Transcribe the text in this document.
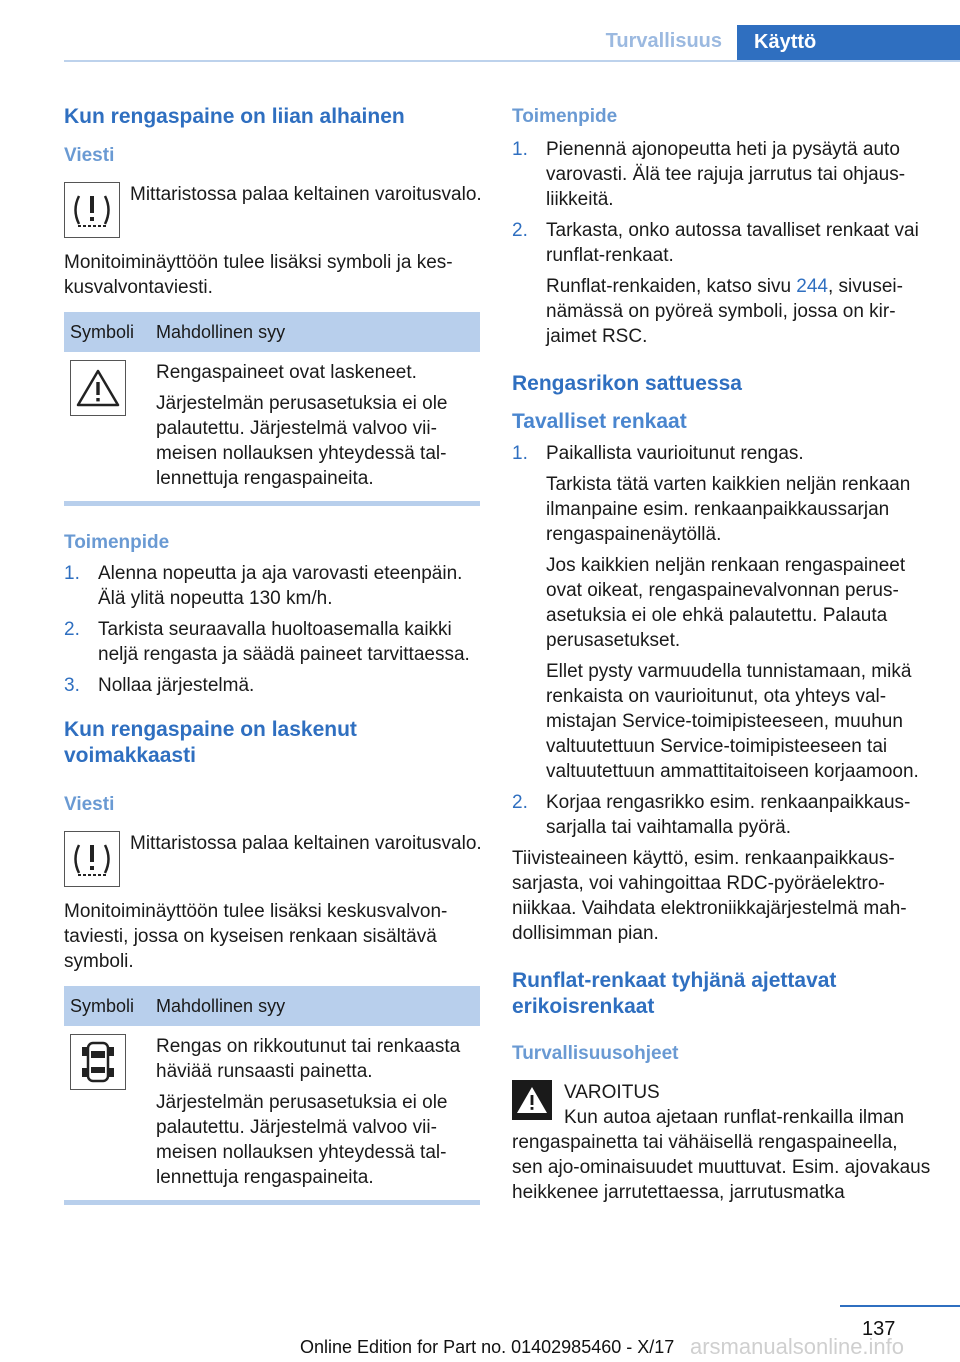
Turvallisuus	Käyttö
Kun rengaspaine on liian alhainen
Viesti
Mittaristossa palaa keltainen varoitusvalo.

Monitoiminäyttöön tulee lisäksi symboli ja keskusvalvontaviesti.

Symboli	Mahdollinen syy

Rengaspaineet ovat laskeneet.

Järjestelmän perusasetuksia ei ole palautettu. Järjestelmä valvoo viimeisen nollauksen yhteydessä tallennettuja rengaspaineita.

Toimenpide
1. Alenna nopeutta ja aja varovasti eteenpäin. Älä ylitä nopeutta 130 km/h.

2. Tarkista seuraavalla huoltoasemalla kaikki neljä rengasta ja säädä paineet tarvittaessa.

3. Nollaa järjestelmä.

Kun rengaspaine on laskenut voimakkaasti
Viesti
Mittaristossa palaa keltainen varoitusvalo.

Monitoiminäyttöön tulee lisäksi keskusvalvontaviesti, jossa on kyseisen renkaan sisältävä symboli.

Symboli	Mahdollinen syy

Rengas on rikkoutunut tai renkaasta häviää runsaasti painetta.

Järjestelmän perusasetuksia ei ole palautettu. Järjestelmä valvoo viimeisen nollauksen yhteydessä tallennettuja rengaspaineita.

Toimenpide
1. Pienennä ajonopeutta heti ja pysäytä auto varovasti. Älä tee rajuja jarrutus tai ohjausliikkeitä.

2. Tarkasta, onko autossa tavalliset renkaat vai runflat-renkaat.

Runflat-renkaiden, katso sivu 244, sivuseinämässä on pyöreä symboli, jossa on kirjaimet RSC.

Rengasrikon sattuessa
Tavalliset renkaat
1. Paikallista vaurioitunut rengas.

Tarkista tätä varten kaikkien neljän renkaan ilmanpaine esim. renkaanpaikkaussarjan rengaspainenäytöllä.

Jos kaikkien neljän renkaan rengaspaineet ovat oikeat, rengaspainevalvonnan perusasetuksia ei ole ehkä palautettu. Palauta perusasetukset.

Ellet pysty varmuudella tunnistamaan, mikä renkaista on vaurioitunut, ota yhteys valmistajan Service-toimipisteeseen, muuhun valtuutettuun Service-toimipisteeseen tai valtuutettuun ammattitaitoiseen korjaamoon.

2. Korjaa rengasrikko esim. renkaanpaikkaussarjalla tai vaihtamalla pyörä.

Tiivisteaineen käyttö, esim. renkaanpaikkaussarjasta, voi vahingoittaa RDC-pyöräelektroniikkaa. Vaihdata elektroniikkajärjestelmä mahdollisimman pian.

Runflat-renkaat tyhjänä ajettavat erikoisrenkaat
Turvallisuusohjeet

VAROITUS

Kun autoa ajetaan runflat-renkailla ilman rengaspainetta tai vähäisellä rengaspaineella, sen ajo-ominaisuudet muuttuvat. Esim. ajovakaus heikkenee jarrutettaessa, jarrutusmatka

137
Online Edition for Part no. 01402985460 - X/17 arsmanualsonline.info
